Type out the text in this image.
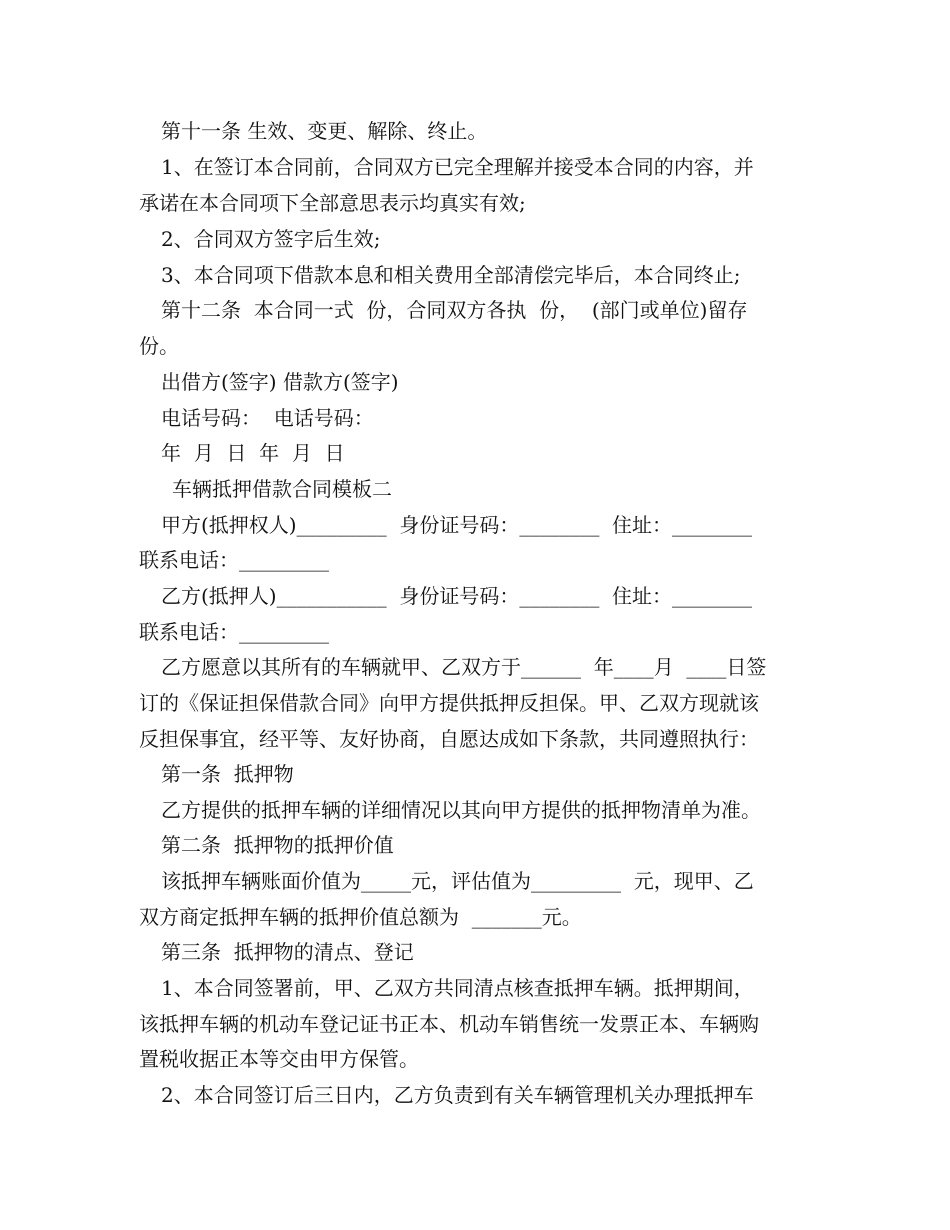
第十一条 生效、变更、解除、终止。
1、在签订本合同前，合同双方已完全理解并接受本合同的内容，并
承诺在本合同项下全部意思表示均真实有效;
2、合同双方签字后生效;
3、本合同项下借款本息和相关费用全部清偿完毕后，本合同终止;
第十二条  本合同一式  份，合同双方各执  份，  (部门或单位)留存
份。
出借方(签字) 借款方(签字)
电话号码：  电话号码：
年  月  日  年  月  日
车辆抵押借款合同模板二
甲方(抵押权人)_________  身份证号码：________  住址：________
联系电话：_________
乙方(抵押人)___________  身份证号码：________  住址：________
联系电话：_________
乙方愿意以其所有的车辆就甲、乙双方于______  年____月  ____日签
订的《保证担保借款合同》向甲方提供抵押反担保。甲、乙双方现就该
反担保事宜，经平等、友好协商，自愿达成如下条款，共同遵照执行：
第一条  抵押物
乙方提供的抵押车辆的详细情况以其向甲方提供的抵押物清单为准。
第二条  抵押物的抵押价值
该抵押车辆账面价值为_____元，评估值为_________  元，现甲、乙
双方商定抵押车辆的抵押价值总额为  _______元。
第三条  抵押物的清点、登记
1、本合同签署前，甲、乙双方共同清点核查抵押车辆。抵押期间，
该抵押车辆的机动车登记证书正本、机动车销售统一发票正本、车辆购
置税收据正本等交由甲方保管。
2、本合同签订后三日内，乙方负责到有关车辆管理机关办理抵押车
